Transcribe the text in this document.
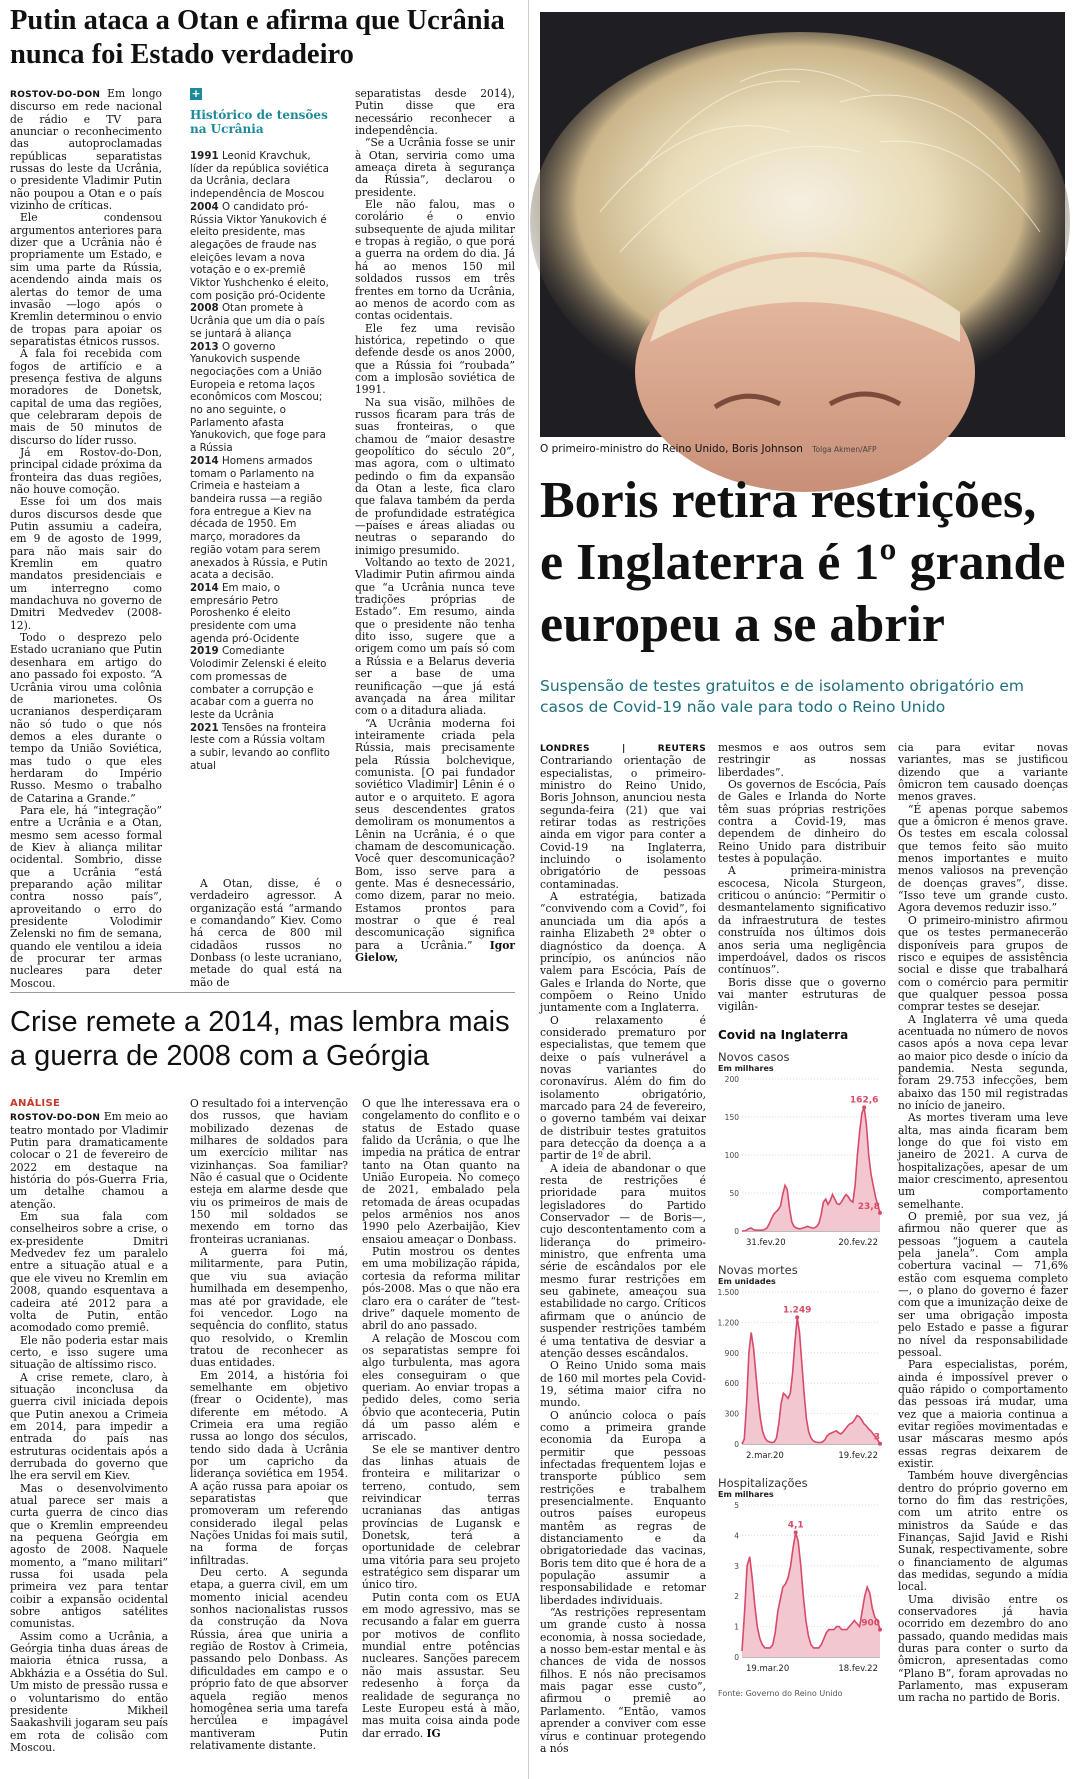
Putin ataca a Otan e afirma que Ucrânia nunca foi Estado verdadeiro

ROSTOV-DO-DON Em longo discurso em rede nacional de rádio e TV para anunciar o reconhecimento das autoproclamadas repúblicas separatistas russas do leste da Ucrânia, o presidente Vladimir Putin não poupou a Otan e o país vizinho de críticas.

Ele condensou argumentos anteriores para dizer que a Ucrânia não é propriamente um Estado, e sim uma parte da Rússia, acendendo ainda mais os alertas do temor de uma invasão —logo após o Kremlin determinou o envio de tropas para apoiar os separatistas étnicos russos.

A fala foi recebida com fogos de artifício e a presença festiva de alguns moradores de Donetsk, capital de uma das regiões, que celebraram depois de mais de 50 minutos de discurso do líder russo.

Já em Rostov-do-Don, principal cidade próxima da fronteira das duas regiões, não houve comoção.

Esse foi um dos mais duros discursos desde que Putin assumiu a cadeira, em 9 de agosto de 1999, para não mais sair do Kremlin em quatro mandatos presidenciais e um interregno como mandachuva no governo de Dmitri Medvedev (2008-12).

Todo o desprezo pelo Estado ucraniano que Putin desenhara em artigo do ano passado foi exposto. “A Ucrânia virou uma colônia de marionetes. Os ucranianos desperdiçaram não só tudo o que nós demos a eles durante o tempo da União Soviética, mas tudo o que eles herdaram do Império Russo. Mesmo o trabalho de Catarina a Grande.”

Para ele, há “integração” entre a Ucrânia e a Otan, mesmo sem acesso formal de Kiev à aliança militar ocidental. Sombrio, disse que a Ucrânia “está preparando ação militar contra nosso país”, aproveitando o erro do presidente Volodimir Zelenski no fim de semana, quando ele ventilou a ideia de procurar ter armas nucleares para deter Moscou.

+
Histórico de tensões na Ucrânia

1991 Leonid Kravchuk, líder da república soviética da Ucrânia, declara independência de Moscou

2004 O candidato pró-Rússia Viktor Yanukovich é eleito presidente, mas alegações de fraude nas eleições levam a nova votação e o ex-premiê Viktor Yushchenko é eleito, com posição pró-Ocidente

2008 Otan promete à Ucrânia que um dia o país se juntará à aliança

2013 O governo Yanukovich suspende negociações com a União Europeia e retoma laços econômicos com Moscou; no ano seguinte, o Parlamento afasta Yanukovich, que foge para a Rússia

2014 Homens armados tomam o Parlamento na Crimeia e hasteiam a bandeira russa —a região fora entregue a Kiev na década de 1950. Em março, moradores da região votam para serem anexados à Rússia, e Putin acata a decisão.

2014 Em maio, o empresário Petro Poroshenko é eleito presidente com uma agenda pró-Ocidente

2019 Comediante Volodimir Zelenski é eleito com promessas de combater a corrupção e acabar com a guerra no leste da Ucrânia

2021 Tensões na fronteira leste com a Rússia voltam a subir, levando ao conflito atual

A Otan, disse, é o verdadeiro agressor. A organização está “armando e comandando” Kiev. Como há cerca de 800 mil cidadãos russos no Donbass (o leste ucraniano, metade do qual está na mão de

separatistas desde 2014), Putin disse que era necessário reconhecer a independência.

“Se a Ucrânia fosse se unir à Otan, serviria como uma ameaça direta à segurança da Rússia”, declarou o presidente.

Ele não falou, mas o corolário é o envio subsequente de ajuda militar e tropas à região, o que porá a guerra na ordem do dia. Já há ao menos 150 mil soldados russos em três frentes em torno da Ucrânia, ao menos de acordo com as contas ocidentais.

Ele fez uma revisão histórica, repetindo o que defende desde os anos 2000, que a Rússia foi “roubada” com a implosão soviética de 1991.

Na sua visão, milhões de russos ficaram para trás de suas fronteiras, o que chamou de “maior desastre geopolítico do século 20”, mas agora, com o ultimato pedindo o fim da expansão da Otan a leste, fica claro que falava também da perda de profundidade estratégica —países e áreas aliadas ou neutras o separando do inimigo presumido.

Voltando ao texto de 2021, Vladimir Putin afirmou ainda que “a Ucrânia nunca teve tradições próprias de Estado”. Em resumo, ainda que o presidente não tenha dito isso, sugere que a origem como um país só com a Rússia e a Belarus deveria ser a base de uma reunificação —que já está avançada na área militar com o a ditadura aliada.

“A Ucrânia moderna foi inteiramente criada pela Rússia, mais precisamente pela Rússia bolchevique, comunista. [O pai fundador soviético Vladimir] Lênin é o autor e o arquiteto. E agora seus descendentes gratos demoliram os monumentos a Lênin na Ucrânia, é o que chamam de descomunicação. Você quer descomunicação? Bom, isso serve para a gente. Mas é desnecessário, como dizem, parar no meio. Estamos prontos para mostrar o que é real descomunicação significa para a Ucrânia.” Igor Gielow,

Crise remete a 2014, mas lembra mais a guerra de 2008 com a Geórgia
ANÁLISE

ROSTOV-DO-DON Em meio ao teatro montado por Vladimir Putin para dramaticamente colocar o 21 de fevereiro de 2022 em destaque na história do pós-Guerra Fria, um detalhe chamou a atenção.

Em sua fala com conselheiros sobre a crise, o ex-presidente Dmitri Medvedev fez um paralelo entre a situação atual e a que ele viveu no Kremlin em 2008, quando esquentava a cadeira até 2012 para a volta de Putin, então acomodado como premiê.

Ele não poderia estar mais certo, e isso sugere uma situação de altíssimo risco.

A crise remete, claro, à situação inconclusa da guerra civil iniciada depois que Putin anexou a Crimeia em 2014, para impedir a entrada do país nas estruturas ocidentais após a derrubada do governo que lhe era servil em Kiev.

Mas o desenvolvimento atual parece ser mais a curta guerra de cinco dias que o Kremlin empreendeu na pequena Geórgia em agosto de 2008. Naquele momento, a “mano militari” russa foi usada pela primeira vez para tentar coibir a expansão ocidental sobre antigos satélites comunistas.

Assim como a Ucrânia, a Geórgia tinha duas áreas de maioria étnica russa, a Abkházia e a Ossétia do Sul. Um misto de pressão russa e o voluntarismo do então presidente Mikheil Saakashvili jogaram seu país em rota de colisão com Moscou.

O resultado foi a intervenção dos russos, que haviam mobilizado dezenas de milhares de soldados para um exercício militar nas vizinhanças. Soa familiar? Não é casual que o Ocidente esteja em alarme desde que viu os primeiros de mais de 150 mil soldados se mexendo em torno das fronteiras ucranianas.

A guerra foi má, militarmente, para Putin, que viu sua aviação humilhada em desempenho, mas até por gravidade, ele foi vencedor. Logo na sequência do conflito, status quo resolvido, o Kremlin tratou de reconhecer as duas entidades.

Em 2014, a história foi semelhante em objetivo (frear o Ocidente), mas diferente em método. A Crimeia era uma região russa ao longo dos séculos, tendo sido dada à Ucrânia por um capricho da liderança soviética em 1954. A ação russa para apoiar os separatistas que promoveram um referendo considerado ilegal pelas Nações Unidas foi mais sutil, na forma de forças infiltradas.

Deu certo. A segunda etapa, a guerra civil, em um momento inicial acendeu sonhos nacionalistas russos da construção da Nova Rússia, área que uniria a região de Rostov à Crimeia, passando pelo Donbass. As dificuldades em campo e o próprio fato de que absorver aquela região menos homogênea seria uma tarefa hercúlea e impagável mantiveram Putin relativamente distante.

O que lhe interessava era o congelamento do conflito e o status de Estado quase falido da Ucrânia, o que lhe impedia na prática de entrar tanto na Otan quanto na União Europeia. No começo de 2021, embalado pela retomada de áreas ocupadas pelos armênios nos anos 1990 pelo Azerbaijão, Kiev ensaiou ameaçar o Donbass.

Putin mostrou os dentes em uma mobilização rápida, cortesia da reforma militar pós-2008. Mas o que não era claro era o caráter de “test-drive” daquele momento de abril do ano passado.

A relação de Moscou com os separatistas sempre foi algo turbulenta, mas agora eles conseguiram o que queriam. Ao enviar tropas a pedido deles, como seria óbvio que aconteceria, Putin dá um passo além e arriscado.

Se ele se mantiver dentro das linhas atuais de fronteira e militarizar o terreno, contudo, sem reivindicar terras ucranianas das antigas províncias de Lugansk e Donetsk, terá a oportunidade de celebrar uma vitória para seu projeto estratégico sem disparar um único tiro.

Putin conta com os EUA em modo agressivo, mas se recusando a falar em guerra por motivos de conflito mundial entre potências nucleares. Sanções parecem não mais assustar. Seu redesenho à força da realidade de segurança no Leste Europeu está à mão, mas muita coisa ainda pode dar errado. IG

O primeiro-ministro do Reino Unido, Boris Johnson Tolga Akmen/AFP
Boris retira restrições, e Inglaterra é 1º grande europeu a se abrir
Suspensão de testes gratuitos e de isolamento obrigatório em casos de Covid-19 não vale para todo o Reino Unido

LONDRES | REUTERS Contrariando orientação de especialistas, o primeiro-ministro do Reino Unido, Boris Johnson, anunciou nesta segunda-feira (21) que vai retirar todas as restrições ainda em vigor para conter a Covid-19 na Inglaterra, incluindo o isolamento obrigatório de pessoas contaminadas.

A estratégia, batizada “convivendo com a Covid”, foi anunciada um dia após a rainha Elizabeth 2ª obter o diagnóstico da doença. A princípio, os anúncios não valem para Escócia, País de Gales e Irlanda do Norte, que compõem o Reino Unido juntamente com a Inglaterra.

O relaxamento é considerado prematuro por especialistas, que temem que deixe o país vulnerável a novas variantes do coronavírus. Além do fim do isolamento obrigatório, marcado para 24 de fevereiro, o governo também vai deixar de distribuir testes gratuitos para detecção da doença a a partir de 1º de abril.

A ideia de abandonar o que resta de restrições é prioridade para muitos legisladores do Partido Conservador — de Boris—, cujo descontentamento com a liderança do primeiro-ministro, que enfrenta uma série de escândalos por ele mesmo furar restrições em seu gabinete, ameaçou sua estabilidade no cargo. Críticos afirmam que o anúncio de suspender restrições também é uma tentativa de desviar a atenção desses escândalos.

O Reino Unido soma mais de 160 mil mortes pela Covid-19, sétima maior cifra no mundo.

O anúncio coloca o país como a primeira grande economia da Europa a permitir que pessoas infectadas frequentem lojas e transporte público sem restrições e trabalhem presencialmente. Enquanto outros países europeus mantêm as regras de distanciamento e da obrigatoriedade das vacinas, Boris tem dito que é hora de a população assumir a responsabilidade e retomar liberdades individuais.

“As restrições representam um grande custo à nossa economia, à nossa sociedade, a nosso bem-estar mental e às chances de vida de nossos filhos. E nós não precisamos mais pagar esse custo”, afirmou o premiê ao Parlamento. “Então, vamos aprender a conviver com esse vírus e continuar protegendo a nós

mesmos e aos outros sem restringir as nossas liberdades”.

Os governos de Escócia, País de Gales e Irlanda do Norte têm suas próprias restrições contra a Covid-19, mas dependem de dinheiro do Reino Unido para distribuir testes à população.

A primeira-ministra escocesa, Nicola Sturgeon, criticou o anúncio: “Permitir o desmantelamento significativo da infraestrutura de testes construída nos últimos dois anos seria uma negligência imperdoável, dados os riscos contínuos”.

Boris disse que o governo vai manter estruturas de vigilân-

Covid na Inglaterra
Novos casos
Em milhares
200
150
100
50
0
162,6
23,8
31.fev.20	20.fev.22
Novas mortes
Em unidades
1.500
1.200
900
600
300
0
1.249
3
2.mar.20	19.fev.22
Hospitalizações
Em milhares
5
4
3
2
1
0
4,1
900
19.mar.20	18.fev.22
Fonte: Governo do Reino Unido

cia para evitar novas variantes, mas se justificou dizendo que a variante ômicron tem causado doenças menos graves.

“É apenas porque sabemos que a ômicron é menos grave. Os testes em escala colossal que temos feito são muito menos importantes e muito menos valiosos na prevenção de doenças graves”, disse. “Isso teve um grande custo. Agora devemos reduzir isso.”

O primeiro-ministro afirmou que os testes permanecerão disponíveis para grupos de risco e equipes de assistência social e disse que trabalhará com o comércio para permitir que qualquer pessoa possa comprar testes se desejar.

A Inglaterra vê uma queda acentuada no número de novos casos após a nova cepa levar ao maior pico desde o início da pandemia. Nesta segunda, foram 29.753 infecções, bem abaixo das 150 mil registradas no início de janeiro.

As mortes tiveram uma leve alta, mas ainda ficaram bem longe do que foi visto em janeiro de 2021. A curva de hospitalizações, apesar de um maior crescimento, apresentou um comportamento semelhante.

O premiê, por sua vez, já afirmou não querer que as pessoas “joguem a cautela pela janela”. Com ampla cobertura vacinal — 71,6% estão com esquema completo—, o plano do governo é fazer com que a imunização deixe de ser uma obrigação imposta pelo Estado e passe a figurar no nível da responsabilidade pessoal.

Para especialistas, porém, ainda é impossível prever o quão rápido o comportamento das pessoas irá mudar, uma vez que a maioria continua a evitar regiões movimentadas e usar máscaras mesmo após essas regras deixarem de existir.

Também houve divergências dentro do próprio governo em torno do fim das restrições, com um atrito entre os ministros da Saúde e das Finanças, Sajid Javid e Rishi Sunak, respectivamente, sobre o financiamento de algumas das medidas, segundo a mídia local.

Uma divisão entre os conservadores já havia ocorrido em dezembro do ano passado, quando medidas mais duras para conter o surto da ômicron, apresentadas como “Plano B”, foram aprovadas no Parlamento, mas expuseram um racha no partido de Boris.
